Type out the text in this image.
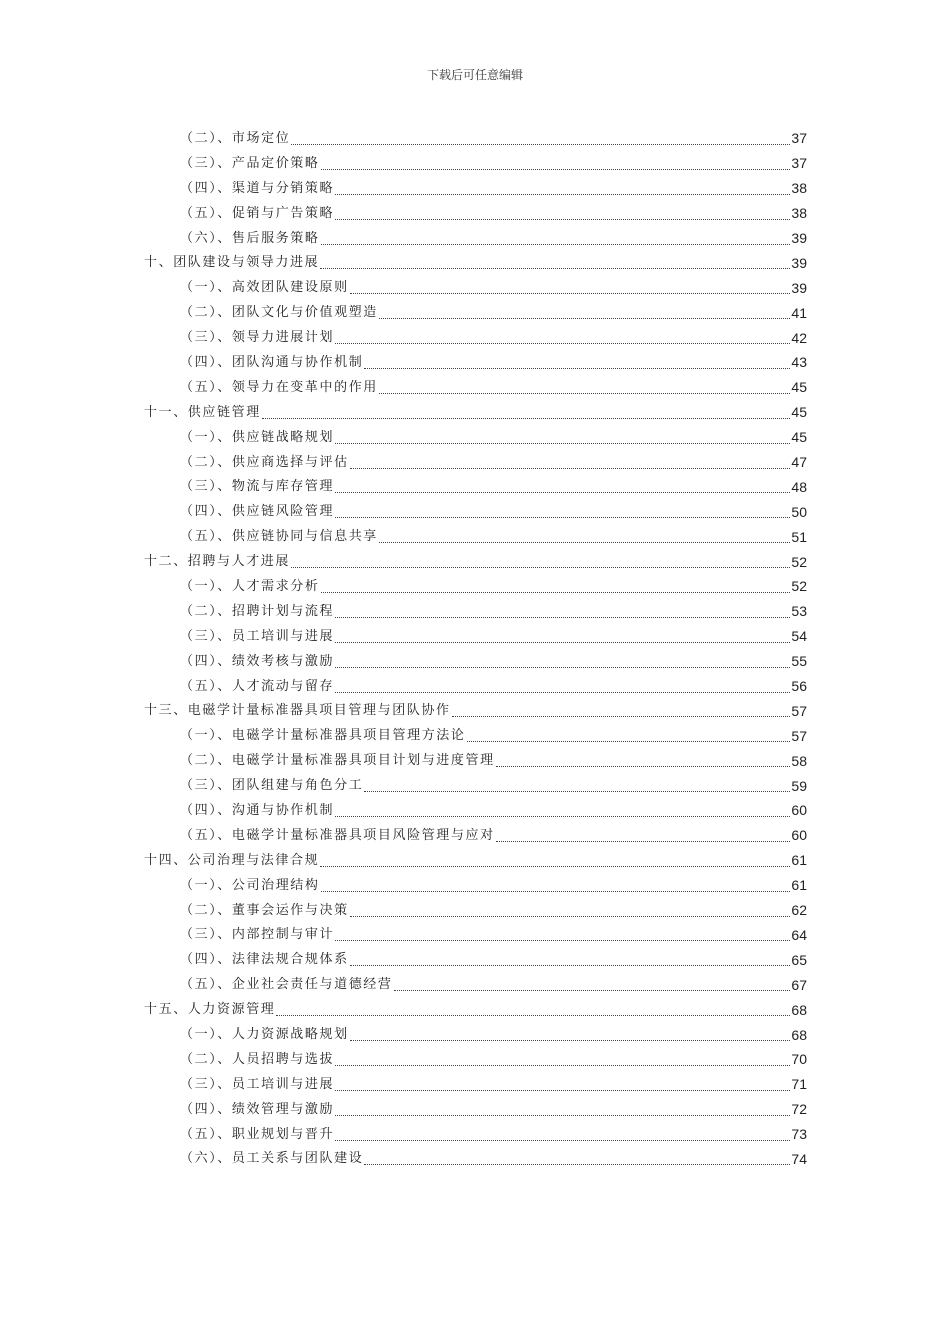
下载后可任意编辑
（二）、市场定位	37
（三）、产品定价策略	37
（四）、渠道与分销策略	38
（五）、促销与广告策略	38
（六）、售后服务策略	39
十、团队建设与领导力进展	39
（一）、高效团队建设原则	39
（二）、团队文化与价值观塑造	41
（三）、领导力进展计划	42
（四）、团队沟通与协作机制	43
（五）、领导力在变革中的作用	45
十一、供应链管理	45
（一）、供应链战略规划	45
（二）、供应商选择与评估	47
（三）、物流与库存管理	48
（四）、供应链风险管理	50
（五）、供应链协同与信息共享	51
十二、招聘与人才进展	52
（一）、人才需求分析	52
（二）、招聘计划与流程	53
（三）、员工培训与进展	54
（四）、绩效考核与激励	55
（五）、人才流动与留存	56
十三、电磁学计量标准器具项目管理与团队协作	57
（一）、电磁学计量标准器具项目管理方法论	57
（二）、电磁学计量标准器具项目计划与进度管理	58
（三）、团队组建与角色分工	59
（四）、沟通与协作机制	60
（五）、电磁学计量标准器具项目风险管理与应对	60
十四、公司治理与法律合规	61
（一）、公司治理结构	61
（二）、董事会运作与决策	62
（三）、内部控制与审计	64
（四）、法律法规合规体系	65
（五）、企业社会责任与道德经营	67
十五、人力资源管理	68
（一）、人力资源战略规划	68
（二）、人员招聘与选拔	70
（三）、员工培训与进展	71
（四）、绩效管理与激励	72
（五）、职业规划与晋升	73
（六）、员工关系与团队建设	74
